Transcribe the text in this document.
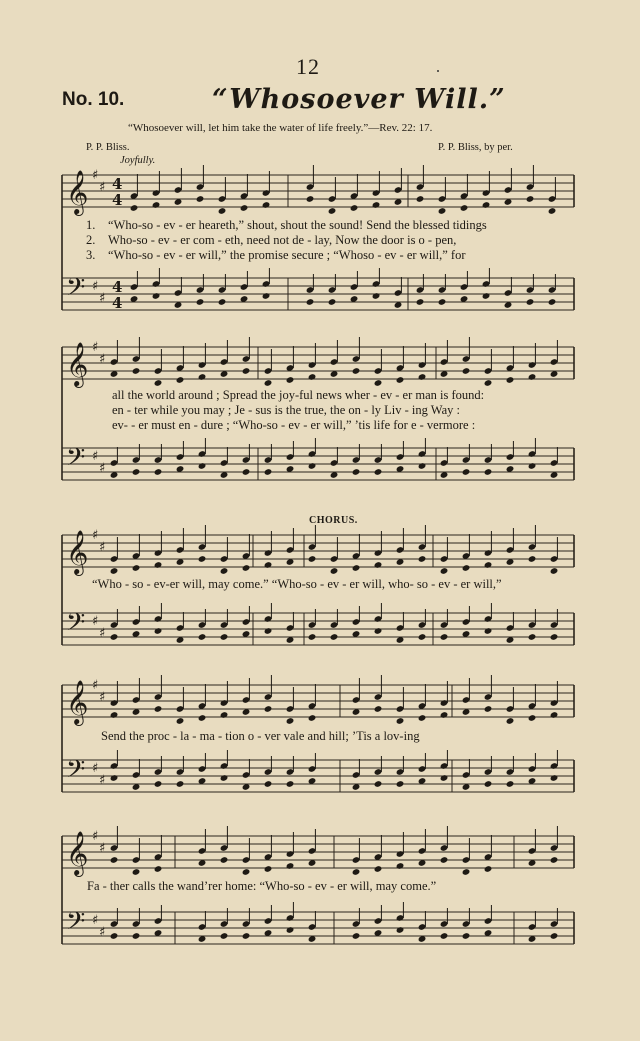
12
No. 10.	“Whosoever Will.”
“Whosoever will, let him take the water of life freely.”—Rev. 22: 17.
P. P. Bliss.	P. P. Bliss, by per.
Joyfully.
CHORUS.
𝄞
𝄢
♯
♯
♯
♯
4
4
4
4
1. “Who-so - ev - er heareth,” shout, shout the sound! Send the blessed tidings
2. Who-so - ev - er com - eth, need not de - lay, Now the door is o - pen,
3. “Who-so - ev - er will,” the promise secure ; “Whoso - ev - er will,” for
𝄞
𝄢
♯
♯
♯
♯
all the world around ; Spread the joy-ful news wher - ev - er man is found:
en - ter while you may ; Je - sus is the true, the on - ly Liv - ing Way :
ev- - er must en - dure ; “Who-so - ev - er will,” ’tis life for e - vermore :
𝄞
𝄢
♯
♯
♯
♯
“Who - so - ev-er will, may come.” “Who-so - ev - er will, who- so - ev - er will,”
𝄞
𝄢
♯
♯
♯
♯
Send the proc - la - ma - tion o - ver vale and hill; ’Tis a lov-ing
𝄞
𝄢
♯
♯
♯
♯
Fa - ther calls the wand’rer home: “Who-so - ev - er will, may come.”
